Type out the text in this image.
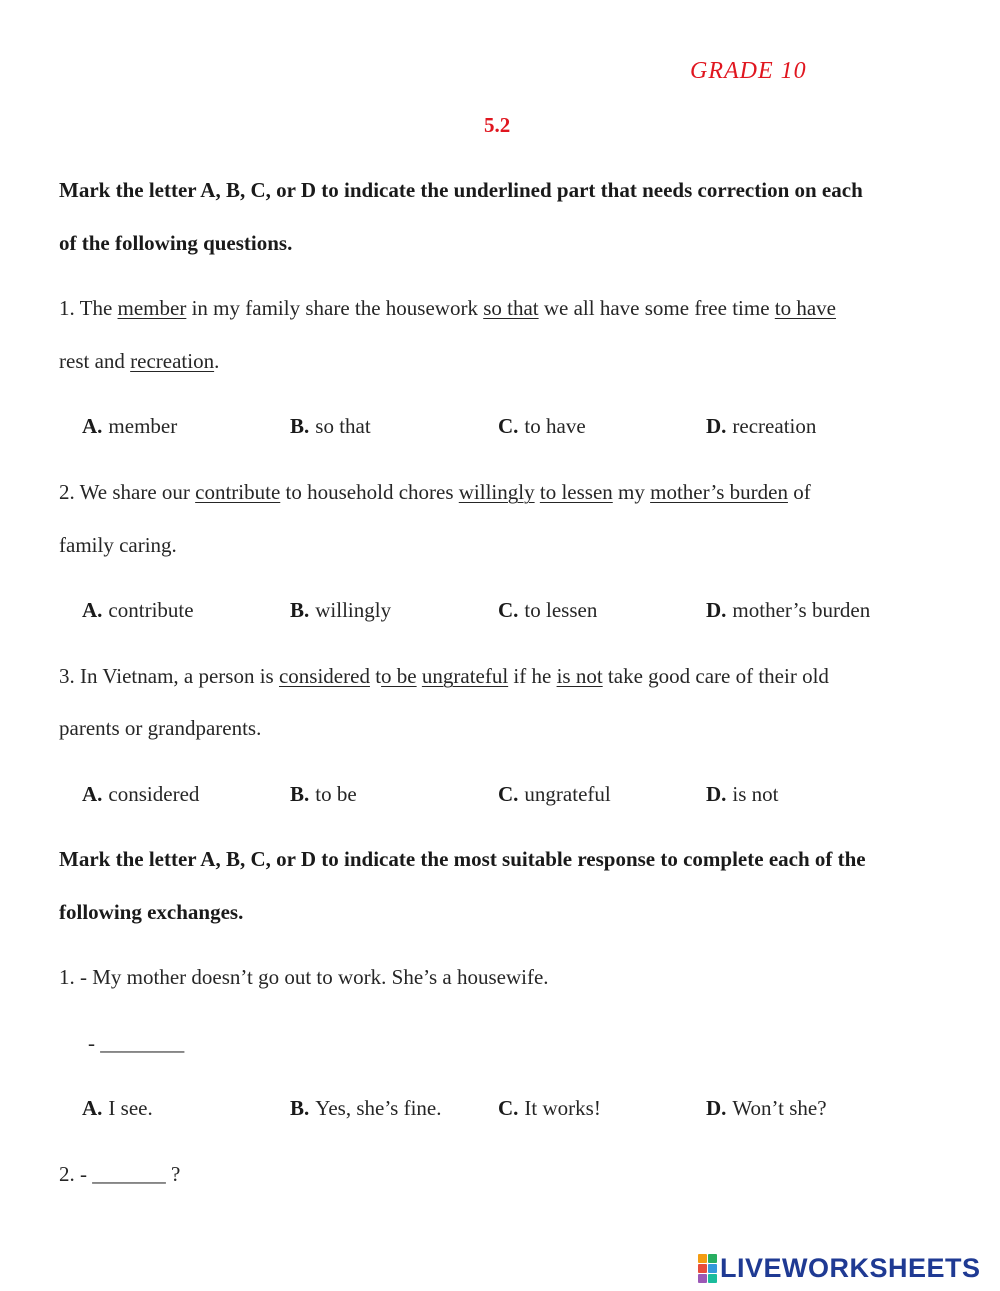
GRADE 10
5.2
Mark the letter A, B, C, or D to indicate the underlined part that needs correction on each
of the following questions.
1. The member in my family share the housework so that we all have some free time to have
rest and recreation.
A. member	B. so that	C. to have	D. recreation
2. We share our contribute to household chores willingly to lessen my mother’s burden of
family caring.
A. contribute	B. willingly	C. to lessen	D. mother’s burden
3. In Vietnam, a person is considered to be ungrateful if he is not take good care of their old
parents or grandparents.
A. considered	B. to be	C. ungrateful	D. is not
Mark the letter A, B, C, or D to indicate the most suitable response to complete each of the
following exchanges.
1. - My mother doesn’t go out to work. She’s a housewife.
- ________
A. I see.	B. Yes, she’s fine.	C. It works!	D. Won’t she?
2. - _______ ?
LIVEWORKSHEETS
